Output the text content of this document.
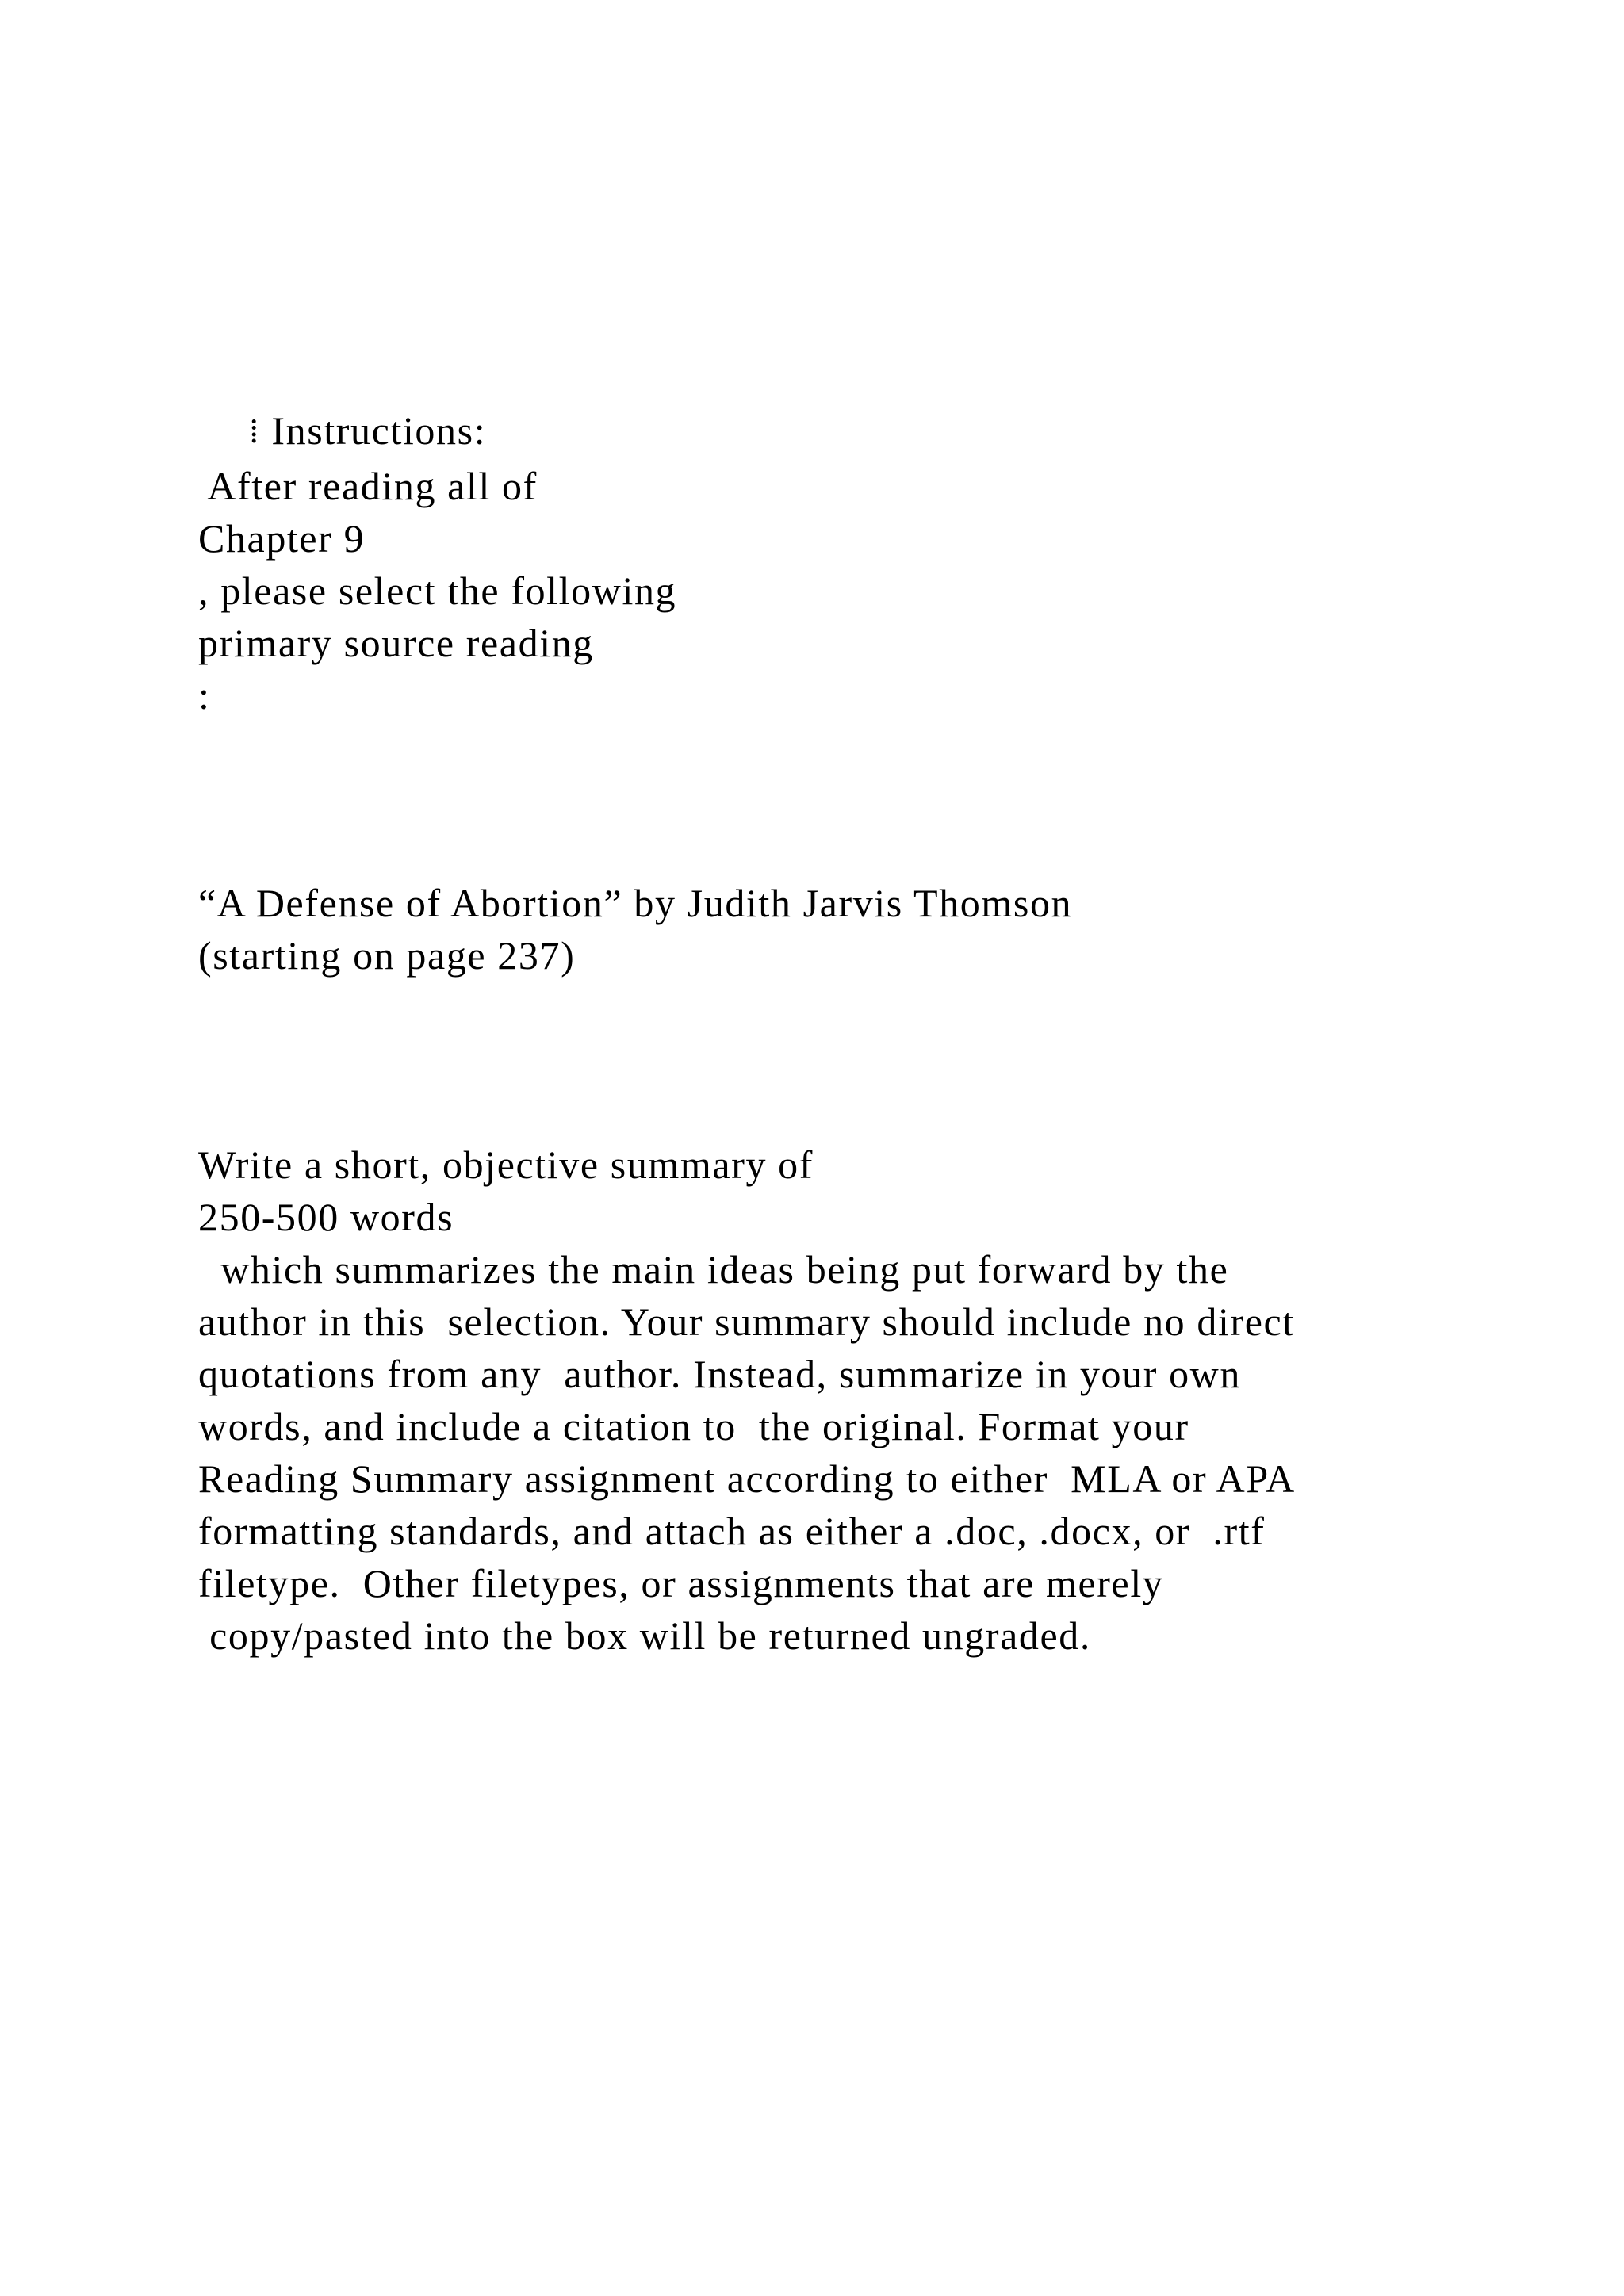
⁞ Instructions:

After reading all of
Chapter 9
, please select the following
primary source reading
:
“A Defense of Abortion” by Judith Jarvis Thomson
(starting on page 237)
Write a short, objective summary of
250-500 words
which summarizes the main ideas being put forward by the
author in this  selection. Your summary should include no direct
quotations from any  author. Instead, summarize in your own
words, and include a citation to  the original. Format your
Reading Summary assignment according to either  MLA or APA
formatting standards, and attach as either a .doc, .docx, or  .rtf
filetype.  Other filetypes, or assignments that are merely
copy/pasted into the box will be returned ungraded.
